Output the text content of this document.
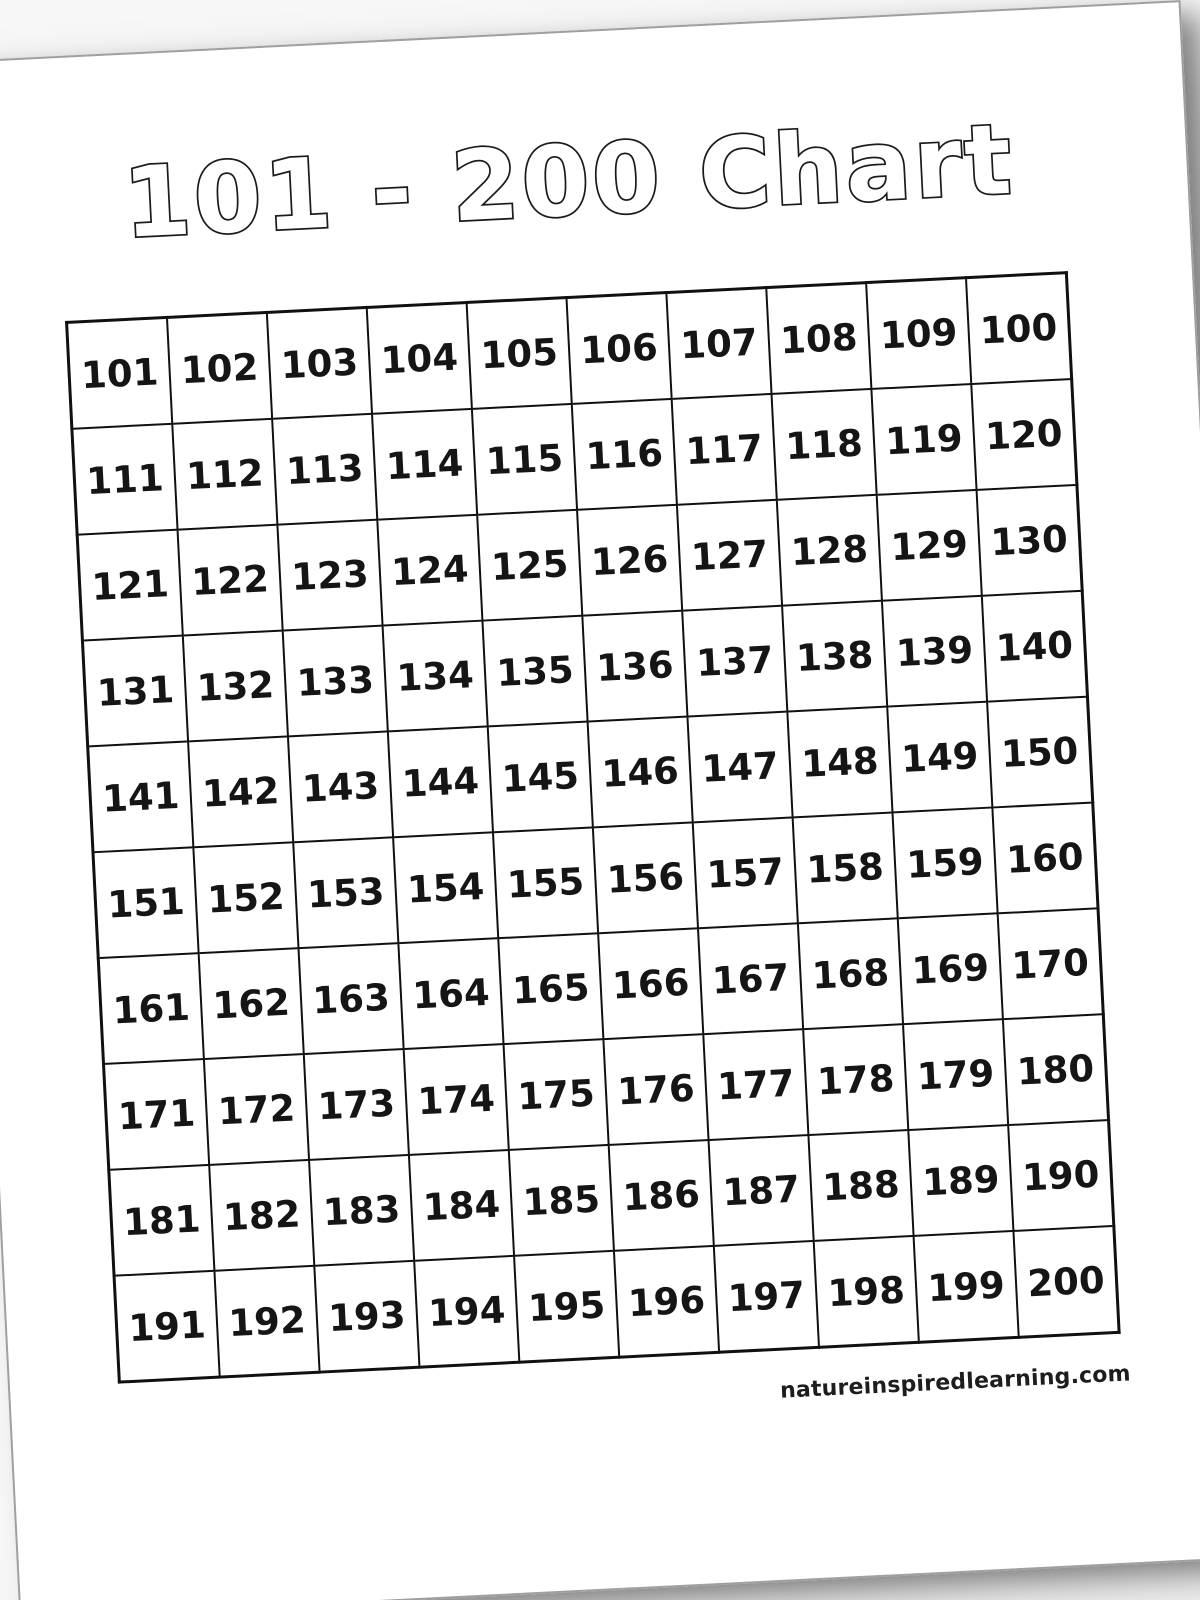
101 - 200 Chart
101	102	103	104	105	106	107	108	109	100
111	112	113	114	115	116	117	118	119	120
121	122	123	124	125	126	127	128	129	130
131	132	133	134	135	136	137	138	139	140
141	142	143	144	145	146	147	148	149	150
151	152	153	154	155	156	157	158	159	160
161	162	163	164	165	166	167	168	169	170
171	172	173	174	175	176	177	178	179	180
181	182	183	184	185	186	187	188	189	190
191	192	193	194	195	196	197	198	199	200
natureinspiredlearning.com
